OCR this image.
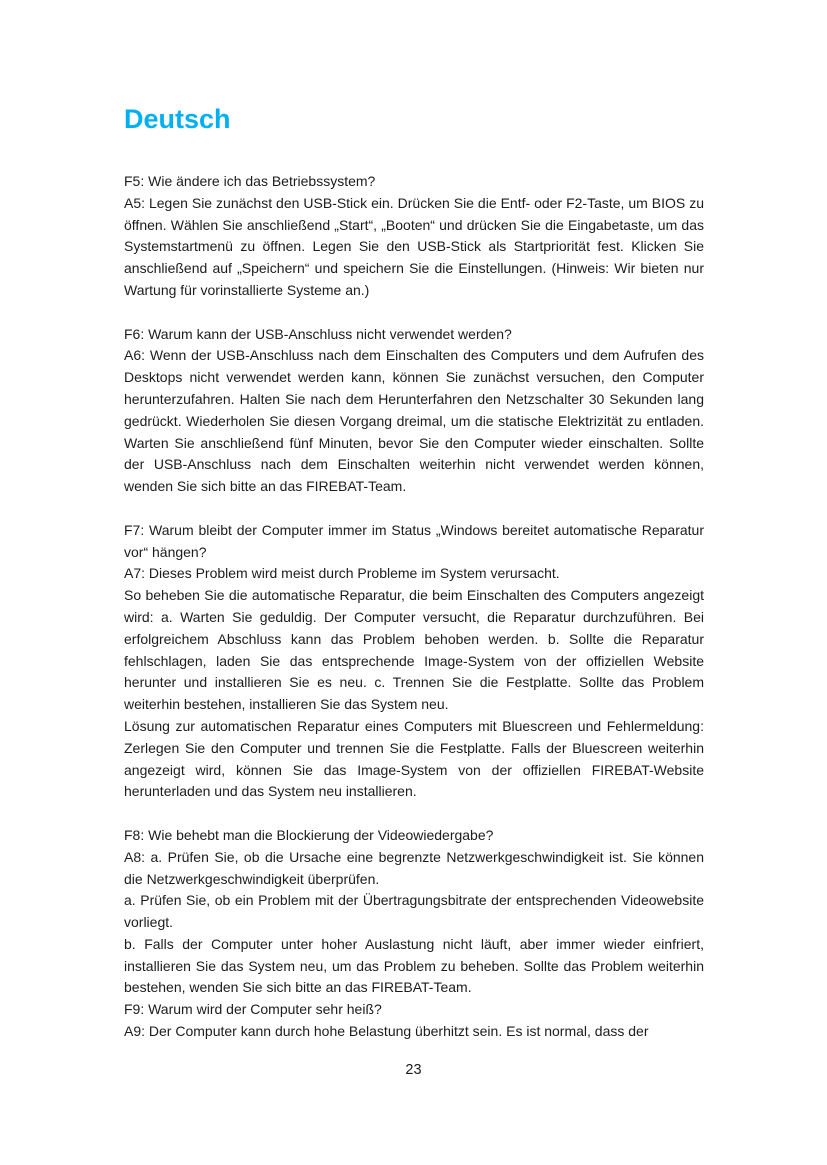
Deutsch
F5: Wie ändere ich das Betriebssystem?
A5: Legen Sie zunächst den USB-Stick ein. Drücken Sie die Entf- oder F2-Taste, um BIOS zu öffnen. Wählen Sie anschließend „Start“, „Booten“ und drücken Sie die Eingabetaste, um das Systemstartmenü zu öffnen. Legen Sie den USB-Stick als Startpriorität fest. Klicken Sie anschließend auf „Speichern“ und speichern Sie die Einstellungen. (Hinweis: Wir bieten nur Wartung für vorinstallierte Systeme an.)
F6: Warum kann der USB-Anschluss nicht verwendet werden?
A6: Wenn der USB-Anschluss nach dem Einschalten des Computers und dem Aufrufen des Desktops nicht verwendet werden kann, können Sie zunächst versuchen, den Computer herunterzufahren. Halten Sie nach dem Herunterfahren den Netzschalter 30 Sekunden lang gedrückt. Wiederholen Sie diesen Vorgang dreimal, um die statische Elektrizität zu entladen. Warten Sie anschließend fünf Minuten, bevor Sie den Computer wieder einschalten. Sollte der USB-Anschluss nach dem Einschalten weiterhin nicht verwendet werden können, wenden Sie sich bitte an das FIREBAT-Team.
F7: Warum bleibt der Computer immer im Status „Windows bereitet automatische Reparatur vor“ hängen?
A7: Dieses Problem wird meist durch Probleme im System verursacht.
So beheben Sie die automatische Reparatur, die beim Einschalten des Computers angezeigt wird: a. Warten Sie geduldig. Der Computer versucht, die Reparatur durchzuführen. Bei erfolgreichem Abschluss kann das Problem behoben werden. b. Sollte die Reparatur fehlschlagen, laden Sie das entsprechende Image-System von der offiziellen Website herunter und installieren Sie es neu. c. Trennen Sie die Festplatte. Sollte das Problem weiterhin bestehen, installieren Sie das System neu.
Lösung zur automatischen Reparatur eines Computers mit Bluescreen und Fehlermeldung: Zerlegen Sie den Computer und trennen Sie die Festplatte. Falls der Bluescreen weiterhin angezeigt wird, können Sie das Image-System von der offiziellen FIREBAT-Website herunterladen und das System neu installieren.
F8: Wie behebt man die Blockierung der Videowiedergabe?
A8: a. Prüfen Sie, ob die Ursache eine begrenzte Netzwerkgeschwindigkeit ist. Sie können die Netzwerkgeschwindigkeit überprüfen.
a. Prüfen Sie, ob ein Problem mit der Übertragungsbitrate der entsprechenden Videowebsite vorliegt.
b. Falls der Computer unter hoher Auslastung nicht läuft, aber immer wieder einfriert, installieren Sie das System neu, um das Problem zu beheben. Sollte das Problem weiterhin bestehen, wenden Sie sich bitte an das FIREBAT-Team.
F9: Warum wird der Computer sehr heiß?
A9: Der Computer kann durch hohe Belastung überhitzt sein. Es ist normal, dass der
23
